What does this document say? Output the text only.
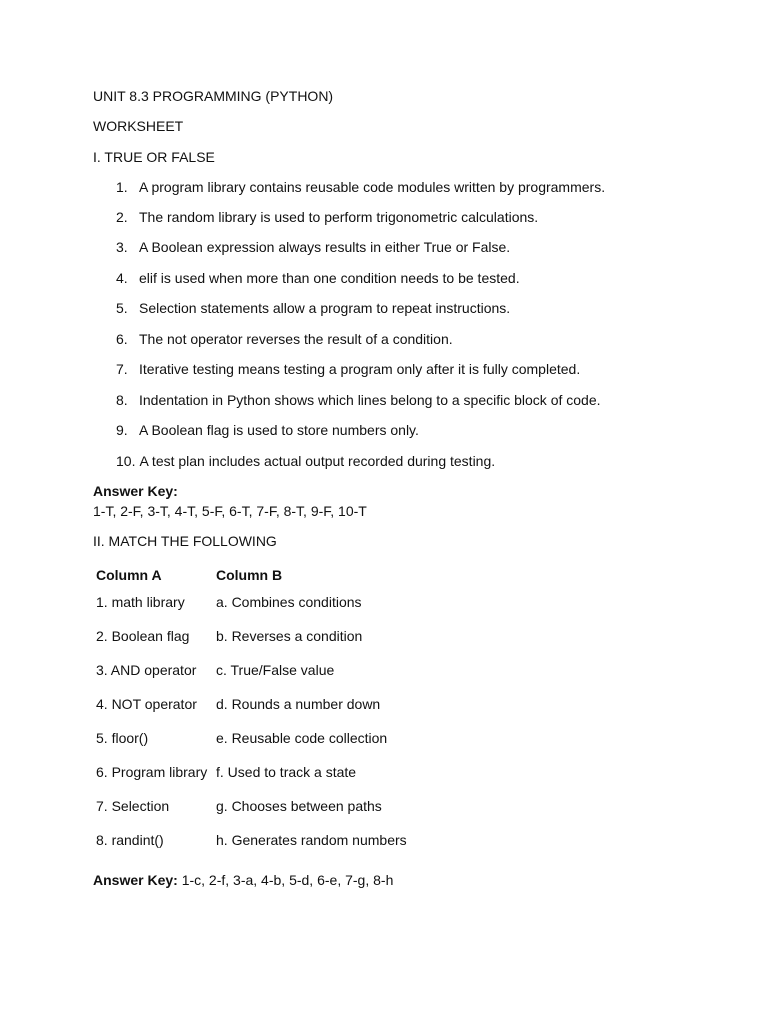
UNIT 8.3 PROGRAMMING (PYTHON)
WORKSHEET
I. TRUE OR FALSE
1. A program library contains reusable code modules written by programmers.
2. The random library is used to perform trigonometric calculations.
3. A Boolean expression always results in either True or False.
4. elif is used when more than one condition needs to be tested.
5. Selection statements allow a program to repeat instructions.
6. The not operator reverses the result of a condition.
7. Iterative testing means testing a program only after it is fully completed.
8. Indentation in Python shows which lines belong to a specific block of code.
9. A Boolean flag is used to store numbers only.
10. A test plan includes actual output recorded during testing.
Answer Key:
1-T, 2-F, 3-T, 4-T, 5-F, 6-T, 7-F, 8-T, 9-F, 10-T
II. MATCH THE FOLLOWING
Column A	Column B
1. math library	a. Combines conditions
2. Boolean flag	b. Reverses a condition
3. AND operator	c. True/False value
4. NOT operator	d. Rounds a number down
5. floor()	e. Reusable code collection
6. Program library	f. Used to track a state
7. Selection	g. Chooses between paths
8. randint()	h. Generates random numbers
Answer Key: 1-c, 2-f, 3-a, 4-b, 5-d, 6-e, 7-g, 8-h
